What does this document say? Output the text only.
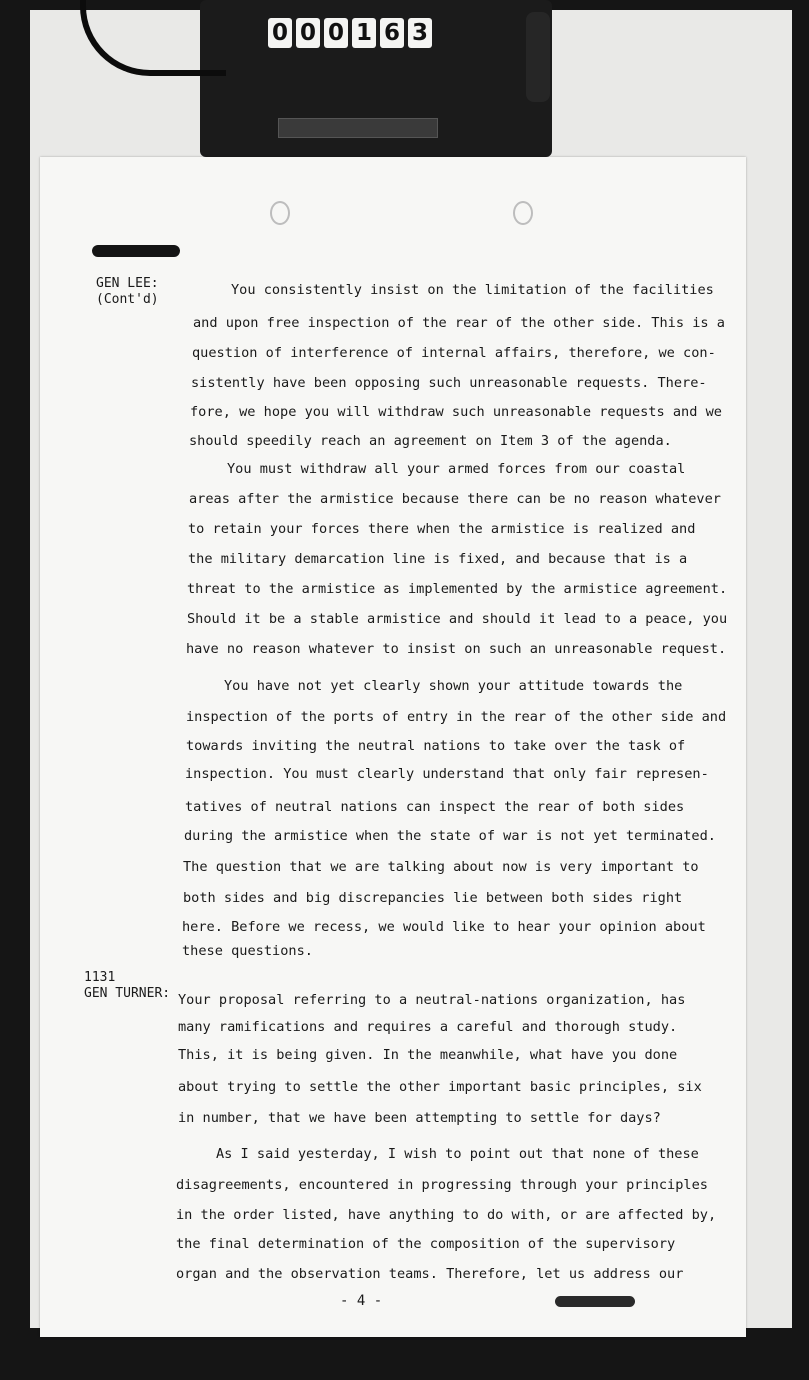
0 0 0 1 6 3
GEN LEE:
(Cont'd)
You consistently insist on the limitation of the facilities
and upon free inspection of the rear of the other side. This is a
question of interference of internal affairs, therefore, we con-
sistently have been opposing such unreasonable requests. There-
fore, we hope you will withdraw such unreasonable requests and we
should speedily reach an agreement on Item 3 of the agenda.
You must withdraw all your armed forces from our coastal
areas after the armistice because there can be no reason whatever
to retain your forces there when the armistice is realized and
the military demarcation line is fixed, and because that is a
threat to the armistice as implemented by the armistice agreement.
Should it be a stable armistice and should it lead to a peace, you
have no reason whatever to insist on such an unreasonable request.
You have not yet clearly shown your attitude towards the
inspection of the ports of entry in the rear of the other side and
towards inviting the neutral nations to take over the task of
inspection. You must clearly understand that only fair represen-
tatives of neutral nations can inspect the rear of both sides
during the armistice when the state of war is not yet terminated.
The question that we are talking about now is very important to
both sides and big discrepancies lie between both sides right
here. Before we recess, we would like to hear your opinion about
these questions.
1131
GEN TURNER: Your proposal referring to a neutral-nations organization, has
many ramifications and requires a careful and thorough study.
This, it is being given. In the meanwhile, what have you done
about trying to settle the other important basic principles, six
in number, that we have been attempting to settle for days?
As I said yesterday, I wish to point out that none of these
disagreements, encountered in progressing through your principles
in the order listed, have anything to do with, or are affected by,
the final determination of the composition of the supervisory
organ and the observation teams. Therefore, let us address our
- 4 -
